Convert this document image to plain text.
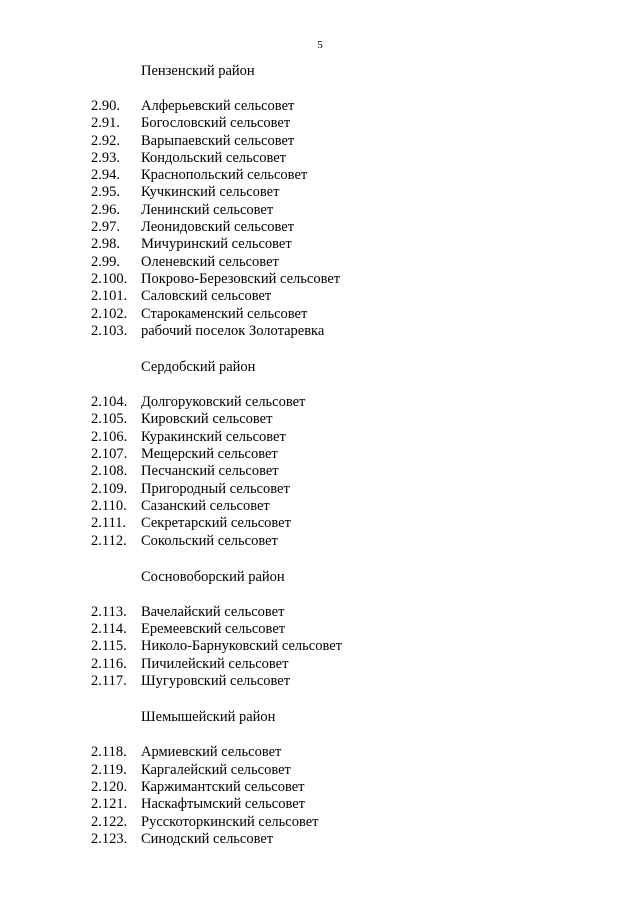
5
Пензенский район
2.90. Алферьевский сельсовет
2.91. Богословский сельсовет
2.92. Варыпаевский сельсовет
2.93. Кондольский сельсовет
2.94. Краснопольский сельсовет
2.95. Кучкинский сельсовет
2.96. Ленинский сельсовет
2.97. Леонидовский сельсовет
2.98. Мичуринский сельсовет
2.99. Оленевский сельсовет
2.100. Покрово-Березовский сельсовет
2.101. Саловский сельсовет
2.102. Старокаменский сельсовет
2.103. рабочий поселок Золотаревка
Сердобский район
2.104. Долгоруковский сельсовет
2.105. Кировский сельсовет
2.106. Куракинский сельсовет
2.107. Мещерский сельсовет
2.108. Песчанский сельсовет
2.109. Пригородный сельсовет
2.110. Сазанский сельсовет
2.111. Секретарский сельсовет
2.112. Сокольский сельсовет
Сосновоборский район
2.113. Вачелайский сельсовет
2.114. Еремеевский сельсовет
2.115. Николо-Барнуковский сельсовет
2.116. Пичилейский сельсовет
2.117. Шугуровский сельсовет
Шемышейский район
2.118. Армиевский сельсовет
2.119. Каргалейский сельсовет
2.120. Каржимантский сельсовет
2.121. Наскафтымский сельсовет
2.122. Русскоторкинский сельсовет
2.123. Синодский сельсовет
